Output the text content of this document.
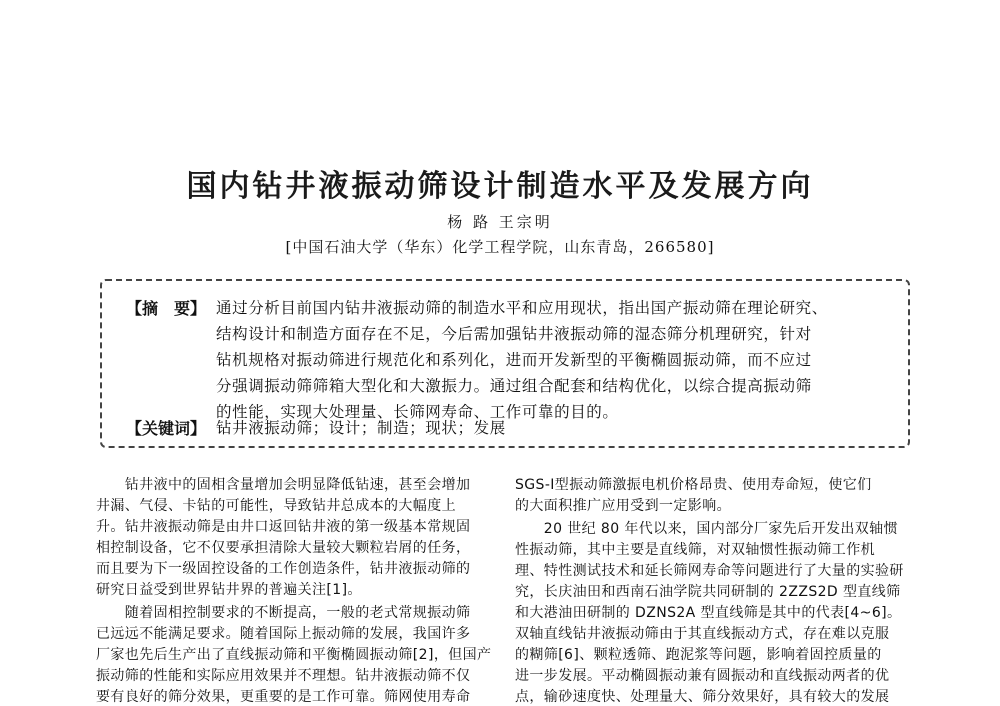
国内钻井液振动筛设计制造水平及发展方向
杨 路 王宗明
[中国石油大学（华东）化学工程学院，山东青岛，266580]
【摘　要】 通过分析目前国内钻井液振动筛的制造水平和应用现状，指出国产振动筛在理论研究、
结构设计和制造方面存在不足，今后需加强钻井液振动筛的湿态筛分机理研究，针对
钻机规格对振动筛进行规范化和系列化，进而开发新型的平衡椭圆振动筛，而不应过
分强调振动筛筛箱大型化和大激振力。通过组合配套和结构优化，以综合提高振动筛
的性能，实现大处理量、长筛网寿命、工作可靠的目的。
【关键词】 钻井液振动筛；设计；制造；现状；发展
　　钻井液中的固相含量增加会明显降低钻速，甚至会增加
井漏、气侵、卡钻的可能性，导致钻井总成本的大幅度上
升。钻井液振动筛是由井口返回钻井液的第一级基本常规固
相控制设备，它不仅要承担清除大量较大颗粒岩屑的任务，
而且要为下一级固控设备的工作创造条件，钻井液振动筛的
研究日益受到世界钻井界的普遍关注[1]。
　　随着固相控制要求的不断提高，一般的老式常规振动筛
已远远不能满足要求。随着国际上振动筛的发展，我国许多
厂家也先后生产出了直线振动筛和平衡椭圆振动筛[2]，但国产
振动筛的性能和实际应用效果并不理想。钻井液振动筛不仅
要有良好的筛分效果，更重要的是工作可靠。筛网使用寿命
SGS-Ⅰ型振动筛激振电机价格昂贵、使用寿命短，使它们
的大面积推广应用受到一定影响。
　　20 世纪 80 年代以来，国内部分厂家先后开发出双轴惯
性振动筛，其中主要是直线筛，对双轴惯性振动筛工作机
理、特性测试技术和延长筛网寿命等问题进行了大量的实验研
究，长庆油田和西南石油学院共同研制的 2ZZS2D 型直线筛
和大港油田研制的 DZNS2A 型直线筛是其中的代表[4~6]。
双轴直线钻井液振动筛由于其直线振动方式，存在难以克服
的糊筛[6]、颗粒透筛、跑泥浆等问题，影响着固控质量的
进一步发展。平动椭圆振动兼有圆振动和直线振动两者的优
点，输砂速度快、处理量大、筛分效果好，具有较大的发展
